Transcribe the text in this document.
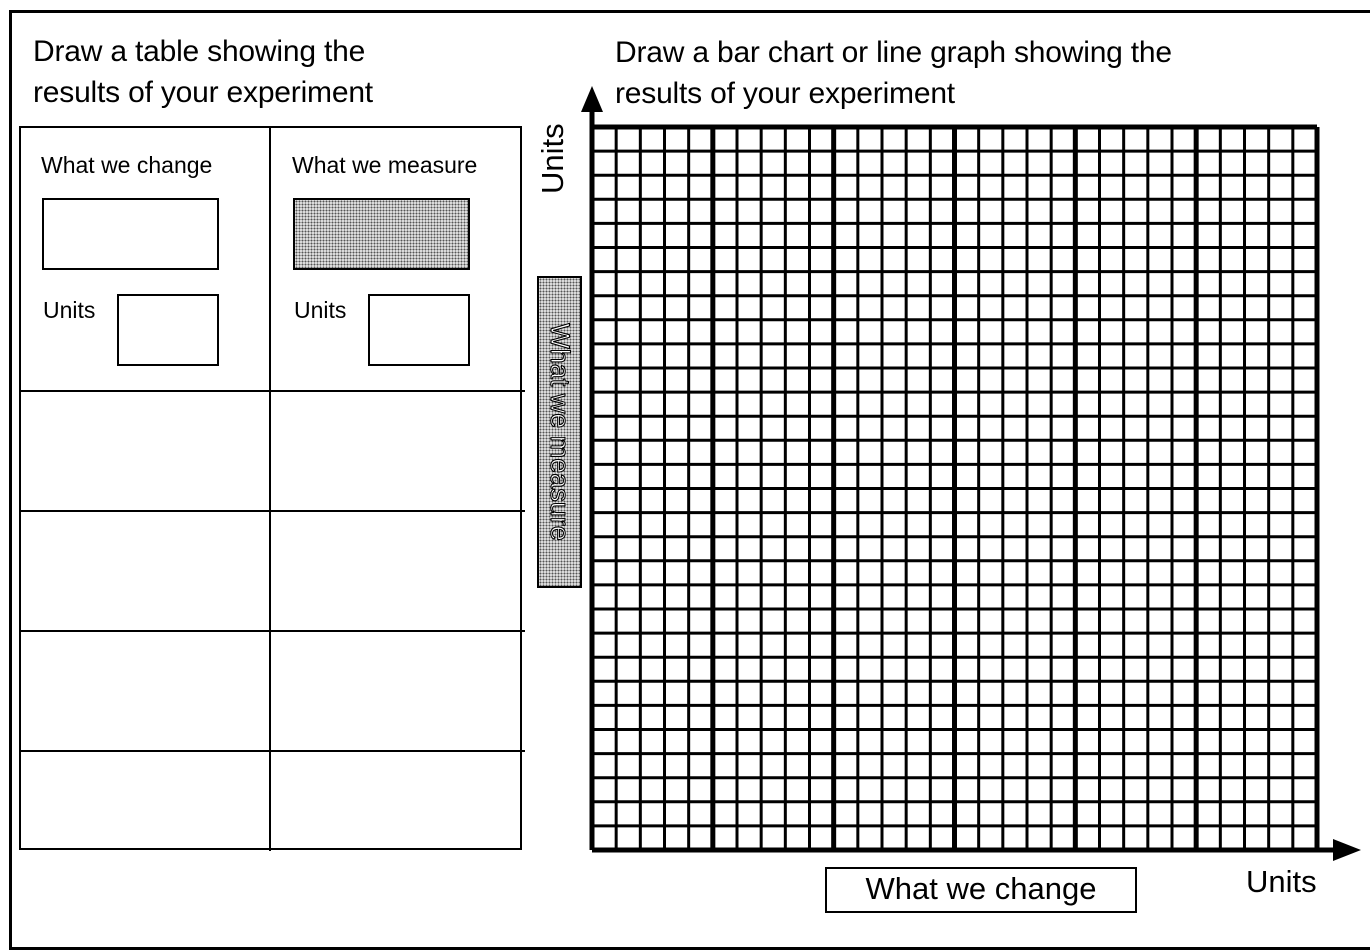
Draw a table showing the
results of your experiment
What we change	What we measure
Units	Units
Draw a bar chart or line graph showing the
results of your experiment
Units
What we measure
What we change	Units
